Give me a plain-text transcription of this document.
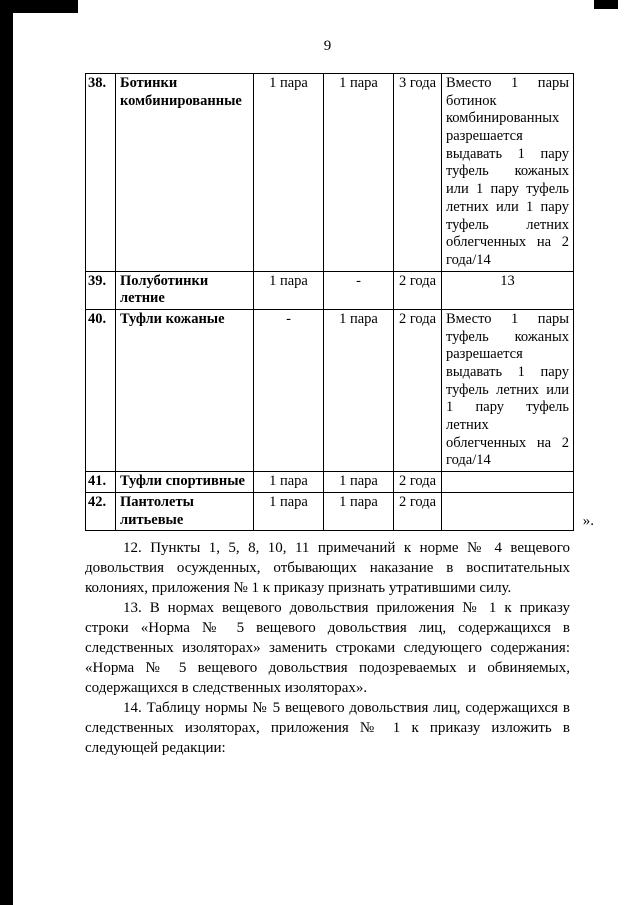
9
38.	Ботинки комбинированные	1 пара	1 пара	3 года	Вместо 1 пары ботинок комбинированных разрешается выдавать 1 пару туфель кожаных или 1 пару туфель летних или 1 пару туфель летних облегченных на 2 года/14
39.	Полуботинки летние	1 пара	-	2 года	13
40.	Туфли кожаные	-	1 пара	2 года	Вместо 1 пары туфель кожаных разрешается выдавать 1 пару туфель летних или 1 пару туфель летних облегченных на 2 года/14
41.	Туфли спортивные	1 пара	1 пара	2 года	
42.	Пантолеты литьевые	1 пара	1 пара	2 года	
».

12. Пункты 1, 5, 8, 10, 11 примечаний к норме № 4 вещевого довольствия осужденных, отбывающих наказание в воспитательных колониях, приложения № 1 к приказу признать утратившими силу.

13. В нормах вещевого довольствия приложения № 1 к приказу строки «Норма № 5 вещевого довольствия лиц, содержащихся в следственных изоляторах» заменить строками следующего содержания: «Норма № 5 вещевого довольствия подозреваемых и обвиняемых, содержащихся в следственных изоляторах».

14. Таблицу нормы № 5 вещевого довольствия лиц, содержащихся в следственных изоляторах, приложения № 1 к приказу изложить в следующей редакции:
